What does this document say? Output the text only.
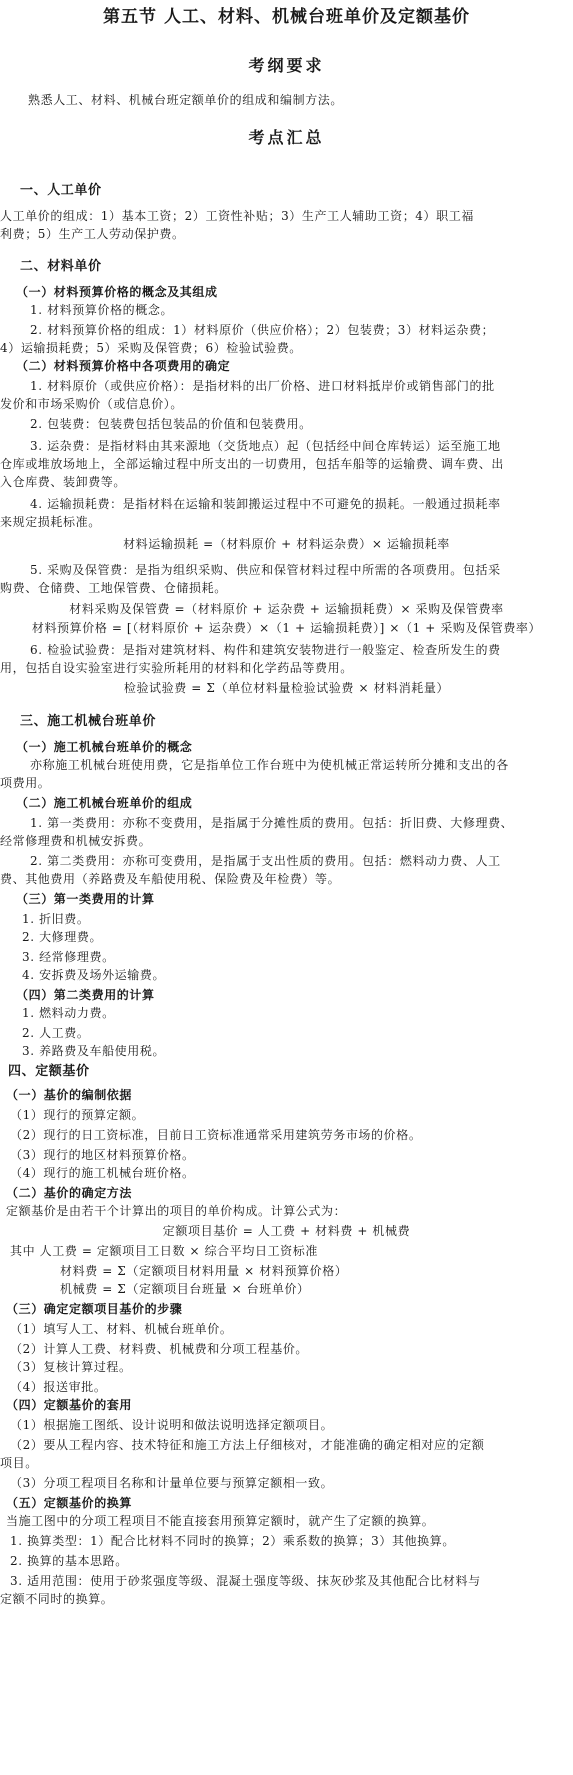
第五节 人工、材料、机械台班单价及定额基价
考纲要求
熟悉人工、材料、机械台班定额单价的组成和编制方法。
考点汇总
一、人工单价
人工单价的组成：1）基本工资；2）工资性补贴；3）生产工人辅助工资；4）职工福
利费；5）生产工人劳动保护费。
二、材料单价
（一）材料预算价格的概念及其组成
1. 材料预算价格的概念。
2. 材料预算价格的组成：1）材料原价（供应价格）；2）包装费；3）材料运杂费；
4）运输损耗费；5）采购及保管费；6）检验试验费。
（二）材料预算价格中各项费用的确定
1. 材料原价（或供应价格）：是指材料的出厂价格、进口材料抵岸价或销售部门的批
发价和市场采购价（或信息价）。
2. 包装费：包装费包括包装品的价值和包装费用。
3. 运杂费：是指材料由其来源地（交货地点）起（包括经中间仓库转运）运至施工地
仓库或堆放场地上，全部运输过程中所支出的一切费用，包括车船等的运输费、调车费、出
入仓库费、装卸费等。
4. 运输损耗费：是指材料在运输和装卸搬运过程中不可避免的损耗。一般通过损耗率
来规定损耗标准。
材料运输损耗 =（材料原价 + 材料运杂费）× 运输损耗率
5. 采购及保管费：是指为组织采购、供应和保管材料过程中所需的各项费用。包括采
购费、仓储费、工地保管费、仓储损耗。
材料采购及保管费 =（材料原价 + 运杂费 + 运输损耗费）× 采购及保管费率
材料预算价格 = [（材料原价 + 运杂费）×（1 + 运输损耗费）] ×（1 + 采购及保管费率）
6. 检验试验费：是指对建筑材料、构件和建筑安装物进行一般鉴定、检查所发生的费
用，包括自设实验室进行实验所耗用的材料和化学药品等费用。
检验试验费 = Σ（单位材料量检验试验费 × 材料消耗量）
三、施工机械台班单价
（一）施工机械台班单价的概念
亦称施工机械台班使用费，它是指单位工作台班中为使机械正常运转所分摊和支出的各
项费用。
（二）施工机械台班单价的组成
1. 第一类费用：亦称不变费用，是指属于分摊性质的费用。包括：折旧费、大修理费、
经常修理费和机械安拆费。
2. 第二类费用：亦称可变费用，是指属于支出性质的费用。包括：燃料动力费、人工
费、其他费用（养路费及车船使用税、保险费及年检费）等。
（三）第一类费用的计算
1. 折旧费。
2. 大修理费。
3. 经常修理费。
4. 安拆费及场外运输费。
（四）第二类费用的计算
1. 燃料动力费。
2. 人工费。
3. 养路费及车船使用税。
四、定额基价
（一）基价的编制依据
（1）现行的预算定额。
（2）现行的日工资标准，目前日工资标准通常采用建筑劳务市场的价格。
（3）现行的地区材料预算价格。
（4）现行的施工机械台班价格。
（二）基价的确定方法
定额基价是由若干个计算出的项目的单价构成。计算公式为：
定额项目基价 = 人工费 + 材料费 + 机械费
其中 人工费 = 定额项目工日数 × 综合平均日工资标准
材料费 = Σ（定额项目材料用量 × 材料预算价格）
机械费 = Σ（定额项目台班量 × 台班单价）
（三）确定定额项目基价的步骤
（1）填写人工、材料、机械台班单价。
（2）计算人工费、材料费、机械费和分项工程基价。
（3）复核计算过程。
（4）报送审批。
（四）定额基价的套用
（1）根据施工图纸、设计说明和做法说明选择定额项目。
（2）要从工程内容、技术特征和施工方法上仔细核对，才能准确的确定相对应的定额
项目。
（3）分项工程项目名称和计量单位要与预算定额相一致。
（五）定额基价的换算
当施工图中的分项工程项目不能直接套用预算定额时，就产生了定额的换算。
1. 换算类型：1）配合比材料不同时的换算；2）乘系数的换算；3）其他换算。
2. 换算的基本思路。
3. 适用范围：使用于砂浆强度等级、混凝土强度等级、抹灰砂浆及其他配合比材料与
定额不同时的换算。
